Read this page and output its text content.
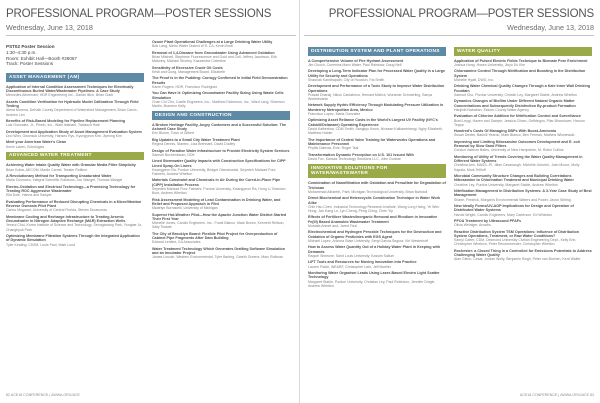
PROFESSIONAL PROGRAM—POSTER SESSIONS
Wednesday, June 13, 2018
PST02 Poster Session
1:30–4:30 p.m.
Room: Exhibit Hall—Booth #26067
Track: Poster Sessions
ASSET MANAGEMENT (AM)
Application of Internal Condition Assessment Techniques for Electrically Discontinuous Buried Water/Wastewater Pipelines: A Case Study
Mercedes Alhermain, HDR Engineering Inc., Darlan Illich, Brian Clark
Assets Condition Verification for Hydraulic Model Calibration Through Field Testing
Alena Morena, DeKalb County Department of Watershed Management, Brian Carcix, Andrew Lim
Benefits of Risk-Based Modeling for Pipeline Replacement Planning
Luis Gonzalez, Jr., Pinelo, Inc., Wahl Isfahani, Tobiasch Hole
Development and Application Study of Asset Management Evaluation System
Doo Won, Gwonsuk University, Hanseo Ryu, Kyungyeon Kim, Jiyeong Kim
Meet your American Water's Clean
Kevin Laven, Echologics
ADVANCED WATER TREATMENT
Achieving Water Intake Quality Water with Granular Media Filter Simplicity
Brian Kollar, AECOM, Martin Carnel, Tessler Roilleur
A Revolutionary Method for Transporting Unsaturated Water
Maria Cusmano, Integral Scientific Solutions, Jon Wangel, Thomas Wangel
Electro-Oxidation and Electrical Technology—a Promising Technology for Treating ROC Aggressive Wastewater
Ella Dole, Hanna and Sawyer
Evaluating Performance of Reduced Disrupting Chemicals in a Microfiltration Reverse Osmosis Pilot Plant
Carlos Mogaran, University of Central Florida, Steven Duranceau
Membrane Cooling and Recharge Infrastructure to Treating Arsenic Groundwater in Nitrogen Adaptive Recharge (MAR) Extraction Wells
Yeseul Choi, Korea Institute of Science and Technology, Seongkwang Park, Yongtae Jo, Changhyuk Park
Optimizing Membrane Filtration Systems Through the Integrated Application of Dynamic Simulation
Tyler Keating, CH2M, Louis Paul, Mark Lund
Ozone Plant Operational Challenges at a Large Drinking Water Utility
Bob Lang, Metro Water District of S. CA, Kevin Broit
Removal of 1,4-Dioxane from Groundwater Using Advanced Oxidation
Brian Mitchell, Stephens Fluorescence and Gold and Cell, Jeffrey Jacobson, Erik Malonny, Michael Shorley, Kazzandra Colentine
Sensitivity of Excessive Crude Oil Costs
Kristi and Gung, Management Board, Elizabeth
The Proof is in the Pudding: Corrugy Confirmed In Initial Field Demonstration Results
Karen Rogers, HDR, Francisco Rodriguez
You Can Have It: Optimizing Groundwater Facility Sizing Using Waste Cells Simulation
Chan Chi Chu, Castle Engineers, Inc., Matthew Dickerson, Inc., Ward Lang, Sharmon Martin, Brandon Kelly
DESIGN AND CONSTRUCTION
A Broken Heritage Facility, Angry Customers and a Successful Solution: The Ashwell Case Study
Eric Bloom, Town of Gilbert
Big Updates to a Small City Water Treatment Plant
Regina Dennis, Stantec, Lisa Brennant, David Dudley
Design of Paradise Water Infrastructure to Provide Electricity System Services
Samuel Buchenbaum, DDK
Lined Stormwater Quality Impacts with Construction Specifications for CIPP Lined Spray-On Liners
Kwangyeon Ra, Purdue University, Bridget Osendowski, Seyedeh Mahzad Pour Fatmehr, Andrew Whelton
Materials Constraint and Chemicals in Air During the Cured-in-Place Pipe (CIPP) Installation Process
Seyedeh Mahzad Pour Fatmehr, Purdue University, Kwangyeon Ra, Hong Li, Brandon Boor, Andrew Whelton
Risk Assessment Modeling of Lead Contamination in Drinking Water, and Relief and Proposed Approach in Flint
Madelyn Bornacelli, University of Michigan
Superior Hot-Weather Pilot—How the Apache Junction Water District Started Their First Year
Michelle Jones, Carollo Engineers, Inc., Frank Blanco, Mark Brown, Kenneth Reitson, Sally Tisdale
The City of Brooklyn Board: Flexible Pilot Project for Overproduction of Cabinet Pipe Fragments After Dam Building
Edward Lentine, KA Associates
Water Treatment Technology Which Generates Drafting Software Simulation and an Incubator Project
James Lincoln, Western Environmental, Tyler Barting, Gareth Greene, Marc Rollman
82 ACE18 CONFERENCE | AWWA.ORG/ACE
PROFESSIONAL PROGRAM—POSTER SESSIONS
Wednesday, June 13, 2018
DISTRIBUTION SYSTEM AND PLANT OPERATIONS
A Comprehensive Volume of Fire Hydrant Assessment
Jim Gooch, Cummins Maxx Water, Paul Rainbow, Doug Nell
Developing a Long-Term Indicator Plan for Processed Water Quality in a Large Utility for Security and Operations
Shaunak Kandhapath, City of Houston, Fai Smith
Development and Performance of a Toxic Study to Improve Water Distribution Operations
Prasad Dhanaj, Nikos Cantabrica, Hemant Mishra, Woramer Schmerling, Sanya Worlelevanin
Network Supply Hydric Efficiency Through Modulating Pressure Utilization in Monterrey Metropolitan Area, Mexico
Francisco Lopez, Maria Gonzalez
Optimizing Asset Reliance Costs in the World's Largest UV Facility (NYC's Catskill/Delaware) Operating Experience
David Kalbertina, CDM Smith, Sangkyu Kwon, Nivasan Kalkambhangi, Ngiry Elizabeth, Matthew Holder
The Importance of Central Valve Training for Waterworks Operations and Maintenance Personnel
Phyllis Dabrow, Evie, Roger Tsai
Transformation Dynamic Perception on U.S. 161 Issued With
David Fox, Kansas Technology Solutions LLC, John Dunbar
INNOVATIVE SOLUTIONS FOR WATER/WASTEWATER
Combination of Nanofiltration with Oxidation and Persulfate for Degradation of Triclosan
Mohammad Albareth, Parit, Michigan Technological University, Brian Barkdoll
Direct Biochemical and Heterocyclic Combination Technique in Water Work Alike
Chih Hsu Chen, Industrial Technology Research Institute, Wang Long Hsing, Ye Wen Hung, Jan Kang Lo, Lyn Cheng, Peng Ching, Chen Yip
Effects of Fertilizer Wastes/Inorganic Removal and Rhodium in Innovative Fe(III) Based Anamobic Wastewater Treatment
Mustafa Ahmet and, Jared Fizzi
Electrochemical and Hydrogen Peroxide Techniques for the Destruction and Oxidation of Organic Pesticides with EGS Agent
Michael Lopez, Arizona State University, Sergi Garcia-Segura, Kiri Westerhoff
How to Assess Water Quantity Out of a Holiday Water Plant in Keeping with Demands
Raquel Simeone, Saint Louis University, Kassim Sallum
LIFT Tools and Resources for Moving Innovation into Practice
Lauren Fickle, WE&RF, Christopher Lahr, Jeff Moeller
Monitoring Water Organism Leads Using Laser-Based Electro Light Scatter Technology
Margaret Stable, Purdue University, Christian Ley, Paul Robinson, Jennifer Dingle, Andrew Whelton
WATER QUALITY
Application of Pulsed Electric Fields Technique to Biomate Pore Enrichment
Joshua Hong, Hoseo University, Jinyo Eo Kim
Chloroamine Control Through Nitrification and Boosting in the Distribution System
Michelle Hyatt, DWG, Inc.
Drinking Water Chemical Quality Changes Through a Kale Inner Wall Drinking Fountain
Samsuf Cho, Purdue University, Christin Ley, Margaret Stable, Andrew Whelton
Dynamics Changes of Biofilm Under Different Natural Organic Matter Concentrations and Subsequently Disinfection By-product Formation
Hanjinki Nababan, Eskom County Water Agency
Evaluation of Chlorine Addition for Nitrification Control and Surveillance
Brad Leygl, Hazen and Sawyer, Jessica Clinan, Gelfdegun, Pilar Bhandover, Haroon Teppa
Hundred's Costs Of Managing DBPs With Boost-Ammonia
Susan Dexter, Bauhill Yeardu, Mark Blanco, Ben Ferman, Mathew Wisniewski
Improving and Limiting Nitrosamine Outcomes Development and E. coli Removal by Slow Sand Filters
Gordon Valence Bates, University of New Hampshire, M. Robin Collins
Monitoring of Utility of Trends Covering the Water Quality Management in Different Water Systems
Christina Ann, MASS.-PI, Jillan Cavanaugh, Michelle Ukevich, Josh Moore, Molly Kapala, Mark Tefiloff
Microbial Community Structure Changes and Building Correlations Nitrosamine to Chlorination Treatment and Municipal Drinking Water
Christine Ley, Purdue University, Margaret Stable, Andrew Whelton
Nitrification Management in Distribution Systems: A 3-Year Case Study of Best Management
Shane, Fredrick, Morgan's Environmental Waters and Power, Jaxon Stirling
New Ideally Forms/UV-AOP Implications for Design and Operation of Distributed Water Systems
Harold Wright, Carollo Engineers, Mary Carterson, Ed Wheldon
PFOA Treatment by Ultrasound PFAFs
Olivia Weiniger, Arcadis
Reactive Distribution System TSM Operations: Influence of Distribution System Operations, Treatment, or Raw Water Conditions?
Samyi Carter, CDM, Desmond University Civilian Engineering Dept., Kelly Erin, Christopher Whelson, Peter Recommender, Christopher Whelton
Rochester: a Closed Thing in a Controlled for Emissions Potentials to Address Challenging Water Quality
Alan Glenn, Cesar, Jordan Wolly, Benjamin Singh, Peter van Buchen, Kent Walfer
ACE18 CONFERENCE | AWWA.ORG/ACE 83
